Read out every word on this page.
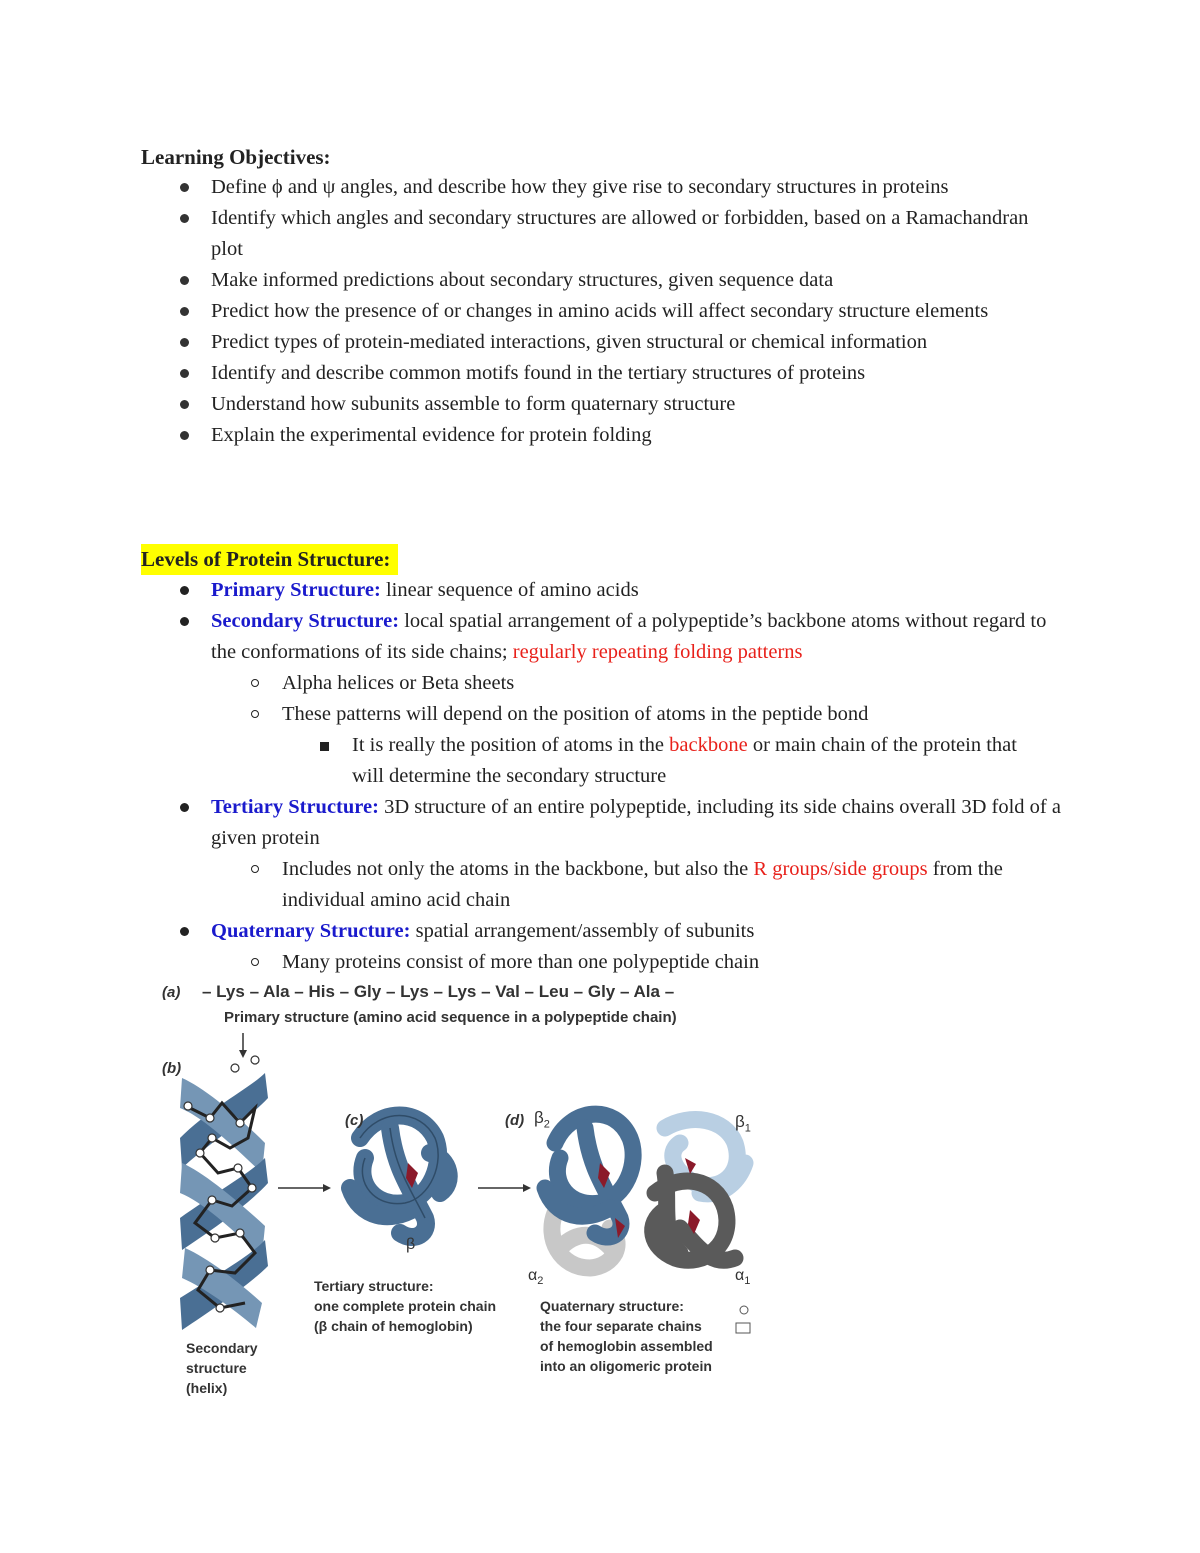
Learning Objectives:
Define ϕ and ψ angles, and describe how they give rise to secondary structures in proteins
Identify which angles and secondary structures are allowed or forbidden, based on a Ramachandran plot
Make informed predictions about secondary structures, given sequence data
Predict how the presence of or changes in amino acids will affect secondary structure elements
Predict types of protein-mediated interactions, given structural or chemical information
Identify and describe common motifs found in the tertiary structures of proteins
Understand how subunits assemble to form quaternary structure
Explain the experimental evidence for protein folding
Levels of Protein Structure:
Primary Structure: linear sequence of amino acids
Secondary Structure: local spatial arrangement of a polypeptide’s backbone atoms without regard to the conformations of its side chains; regularly repeating folding patterns
Alpha helices or Beta sheets
These patterns will depend on the position of atoms in the peptide bond
It is really the position of atoms in the backbone or main chain of the protein that will determine the secondary structure
Tertiary Structure: 3D structure of an entire polypeptide, including its side chains overall 3D fold of a given protein
Includes not only the atoms in the backbone, but also the R groups/side groups from the individual amino acid chain
Quaternary Structure: spatial arrangement/assembly of subunits
Many proteins consist of more than one polypeptide chain
(a) – Lys – Ala – His – Gly – Lys – Lys – Val – Leu – Gly – Ala –
Primary structure (amino acid sequence in a polypeptide chain)
(b)
(c)	(d) $\beta_2$	$\beta_1$
$\alpha_2$	$\alpha_1$
β
Secondary
structure
(helix)
Tertiary structure:
one complete protein chain
(β chain of hemoglobin)
Quaternary structure:
the four separate chains
of hemoglobin assembled
into an oligomeric protein
